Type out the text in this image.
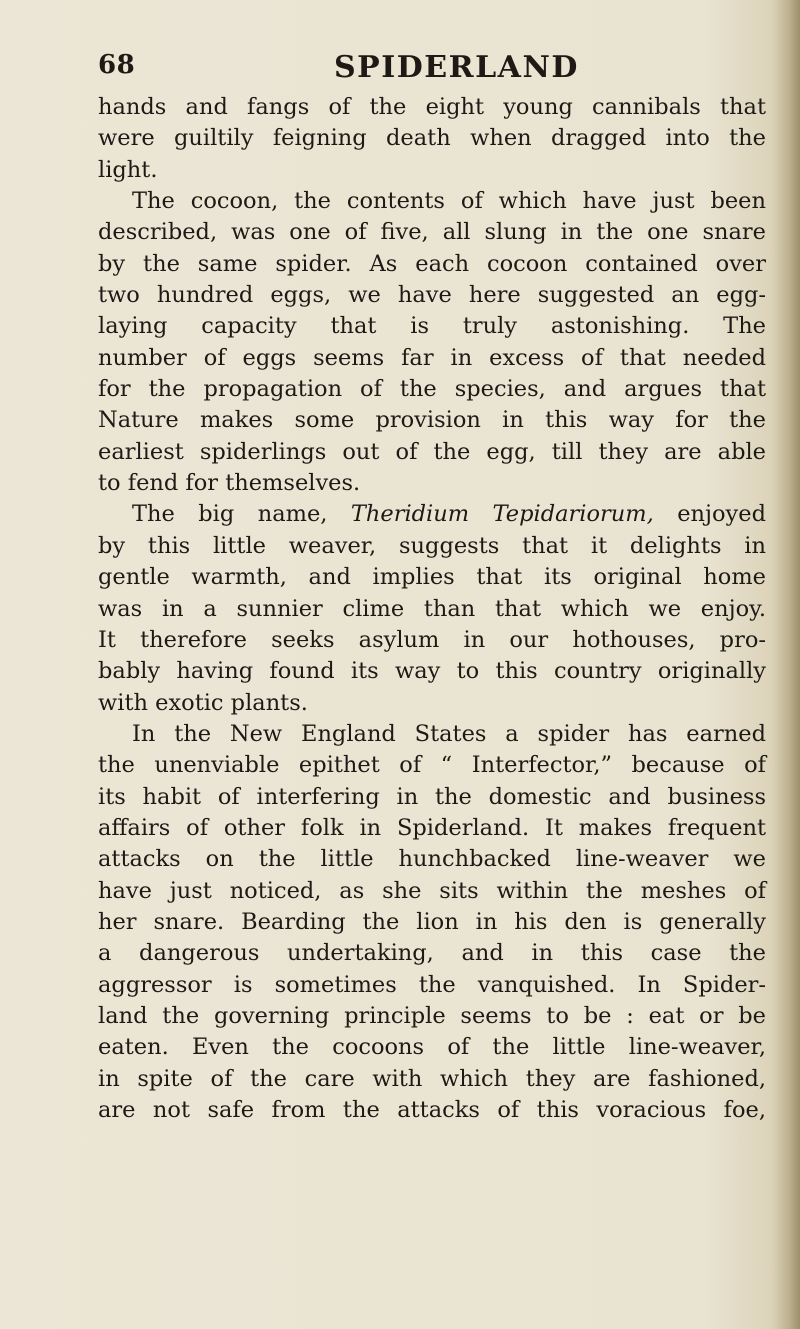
68	SPIDERLAND
hands and fangs of the eight young cannibals that
were guiltily feigning death when dragged into the
light.
The cocoon, the contents of which have just been
described, was one of five, all slung in the one snare
by the same spider. As each cocoon contained over
two hundred eggs, we have here suggested an egg-
laying capacity that is truly astonishing. The
number of eggs seems far in excess of that needed
for the propagation of the species, and argues that
Nature makes some provision in this way for the
earliest spiderlings out of the egg, till they are able
to fend for themselves.
The big name, Theridium Tepidariorum, enjoyed
by this little weaver, suggests that it delights in
gentle warmth, and implies that its original home
was in a sunnier clime than that which we enjoy.
It therefore seeks asylum in our hothouses, pro-
bably having found its way to this country originally
with exotic plants.
In the New England States a spider has earned
the unenviable epithet of “ Interfector,” because of
its habit of interfering in the domestic and business
affairs of other folk in Spiderland. It makes frequent
attacks on the little hunchbacked line-weaver we
have just noticed, as she sits within the meshes of
her snare. Bearding the lion in his den is generally
a dangerous undertaking, and in this case the
aggressor is sometimes the vanquished. In Spider-
land the governing principle seems to be : eat or be
eaten. Even the cocoons of the little line-weaver,
in spite of the care with which they are fashioned,
are not safe from the attacks of this voracious foe,
